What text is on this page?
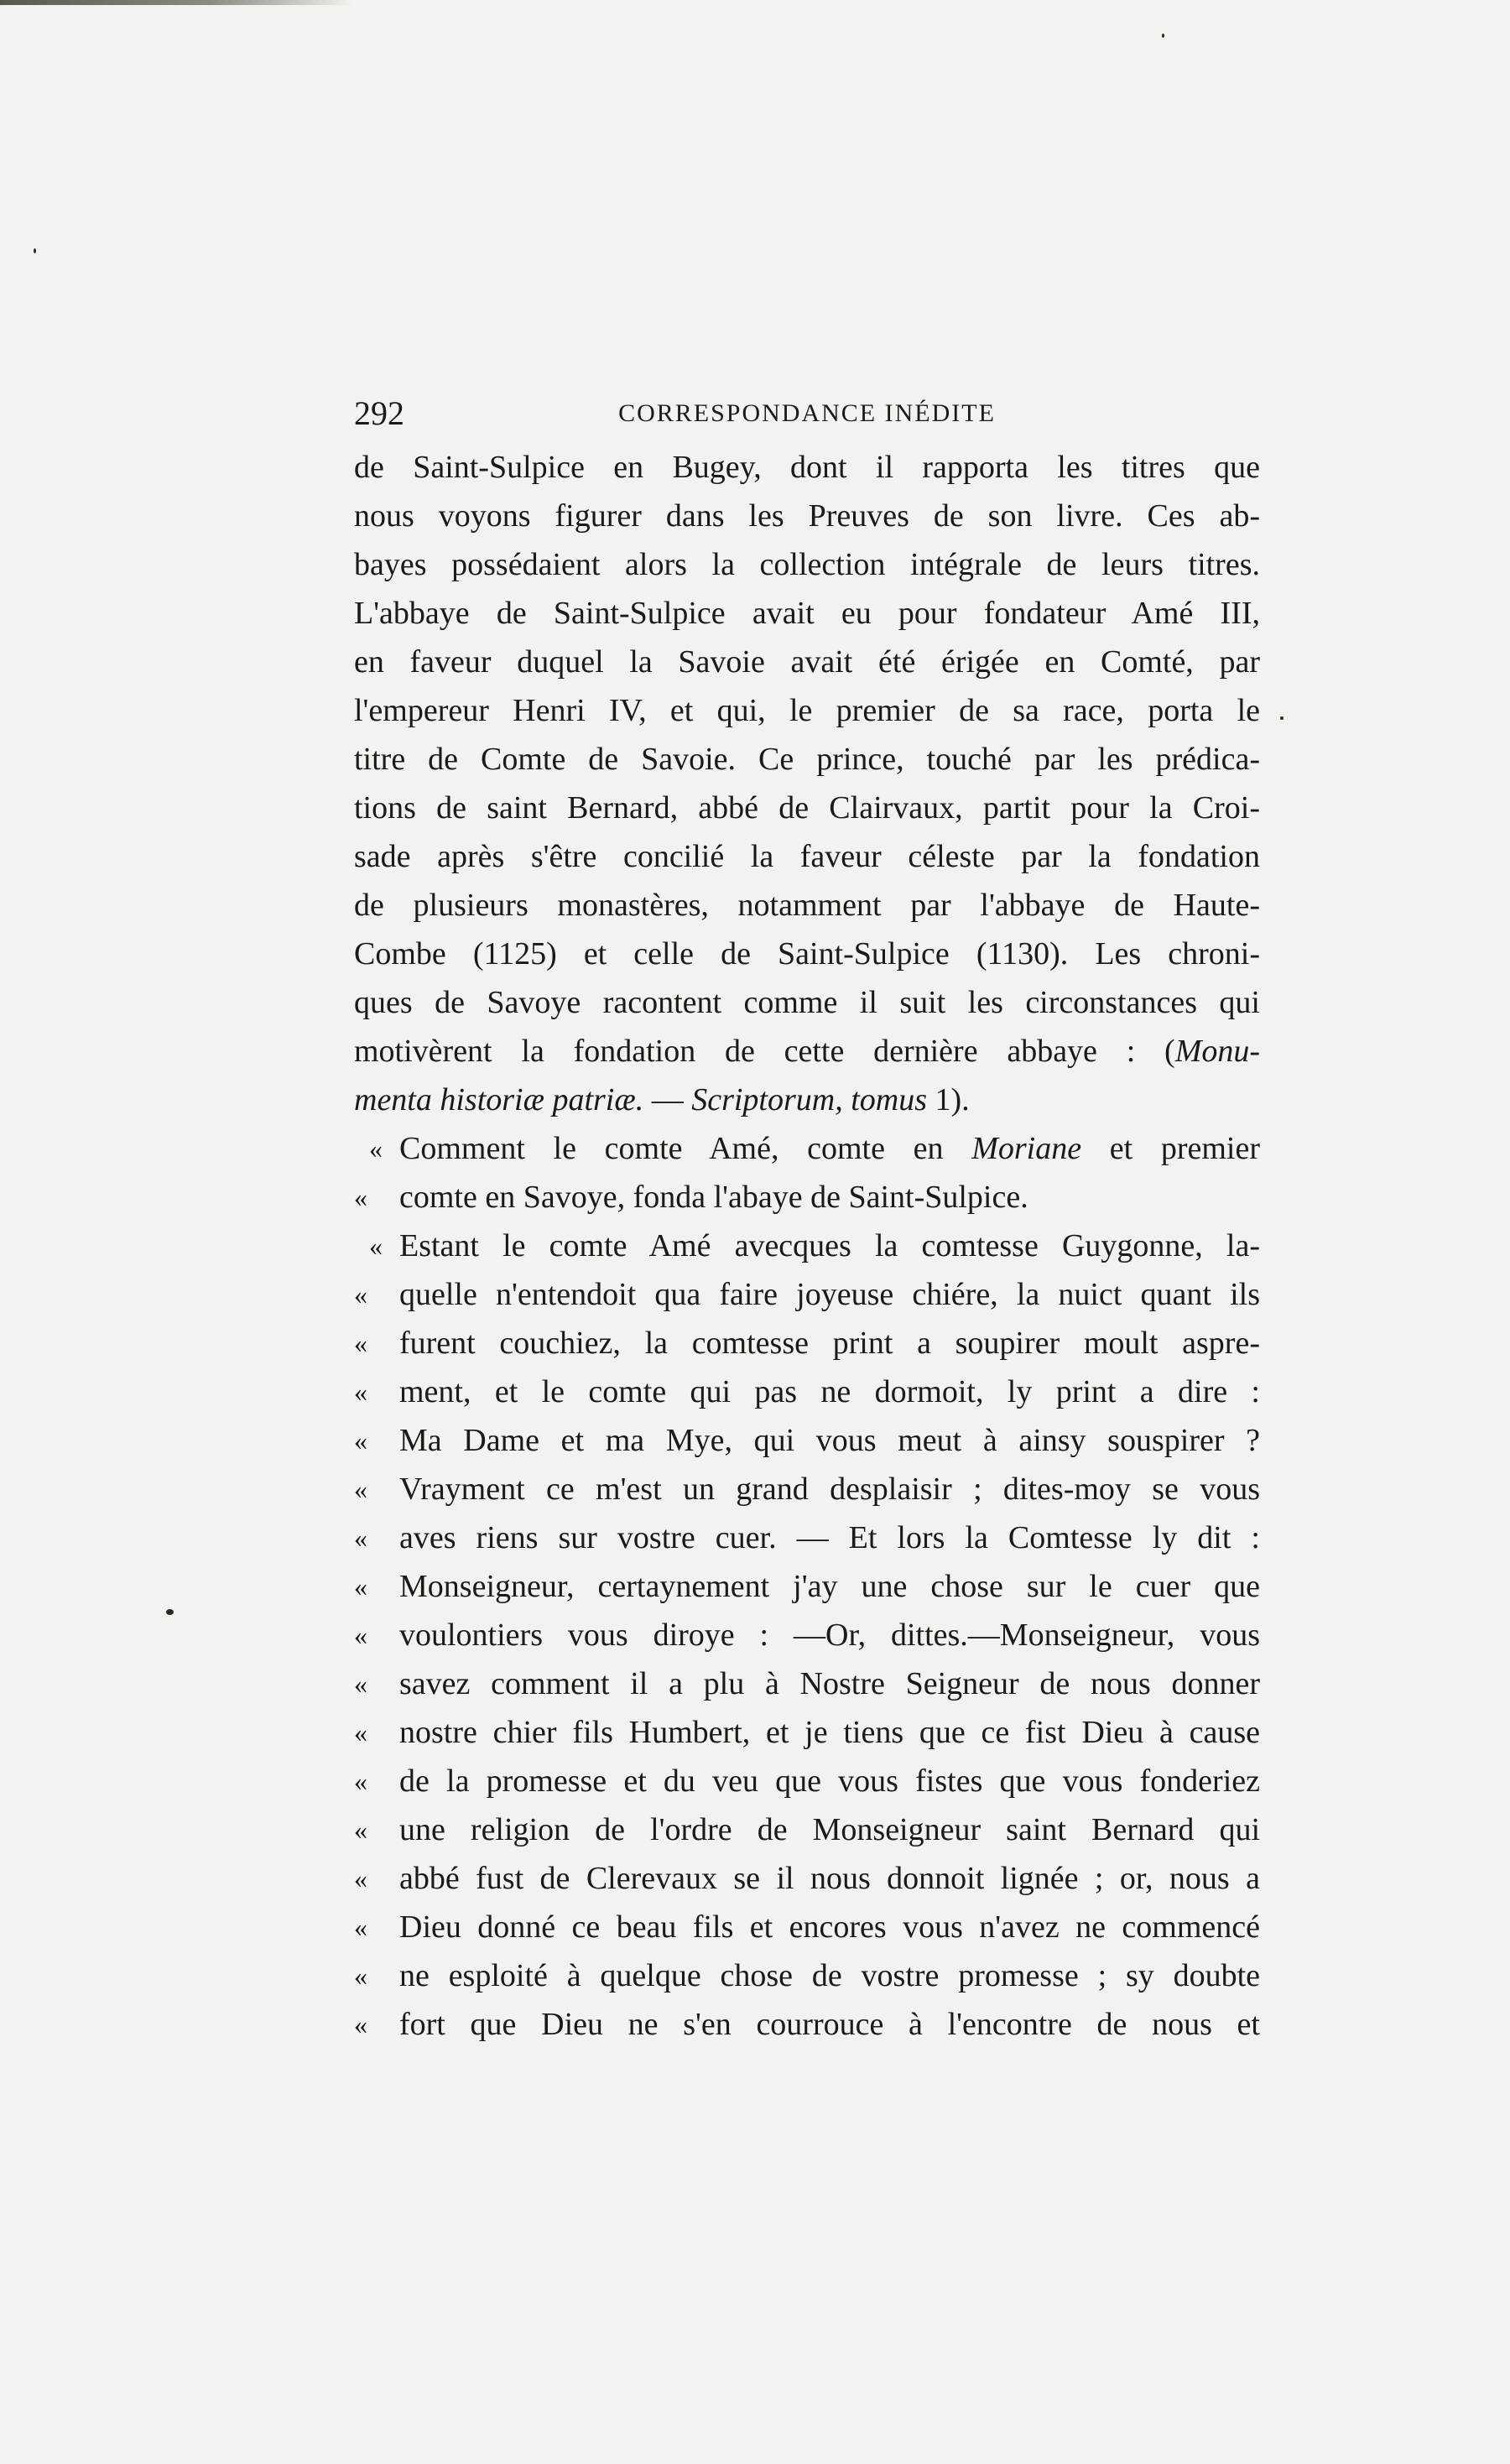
292	CORRESPONDANCE INÉDITE
de Saint-Sulpice en Bugey, dont il rapporta les titres que
nous voyons figurer dans les Preuves de son livre. Ces ab-
bayes possédaient alors la collection intégrale de leurs titres.
L'abbaye de Saint-Sulpice avait eu pour fondateur Amé III,
en faveur duquel la Savoie avait été érigée en Comté, par
l'empereur Henri IV, et qui, le premier de sa race, porta le
titre de Comte de Savoie. Ce prince, touché par les prédica-
tions de saint Bernard, abbé de Clairvaux, partit pour la Croi-
sade après s'être concilié la faveur céleste par la fondation
de plusieurs monastères, notamment par l'abbaye de Haute-
Combe (1125) et celle de Saint-Sulpice (1130). Les chroni-
ques de Savoye racontent comme il suit les circonstances qui
motivèrent la fondation de cette dernière abbaye : (Monu-
menta historiæ patriæ. — Scriptorum, tomus 1).
« Comment le comte Amé, comte en Moriane et premier
« comte en Savoye, fonda l'abaye de Saint-Sulpice.
« Estant le comte Amé avecques la comtesse Guygonne, la-
« quelle n'entendoit qua faire joyeuse chiére, la nuict quant ils
« furent couchiez, la comtesse print a soupirer moult aspre-
« ment, et le comte qui pas ne dormoit, ly print a dire :
« Ma Dame et ma Mye, qui vous meut à ainsy souspirer ?
« Vrayment ce m'est un grand desplaisir ; dites-moy se vous
« aves riens sur vostre cuer. — Et lors la Comtesse ly dit :
« Monseigneur, certaynement j'ay une chose sur le cuer que
« voulontiers vous diroye : —Or, dittes.—Monseigneur, vous
« savez comment il a plu à Nostre Seigneur de nous donner
« nostre chier fils Humbert, et je tiens que ce fist Dieu à cause
« de la promesse et du veu que vous fistes que vous fonderiez
« une religion de l'ordre de Monseigneur saint Bernard qui
« abbé fust de Clerevaux se il nous donnoit lignée ; or, nous a
« Dieu donné ce beau fils et encores vous n'avez ne commencé
« ne esploité à quelque chose de vostre promesse ; sy doubte
« fort que Dieu ne s'en courrouce à l'encontre de nous et
